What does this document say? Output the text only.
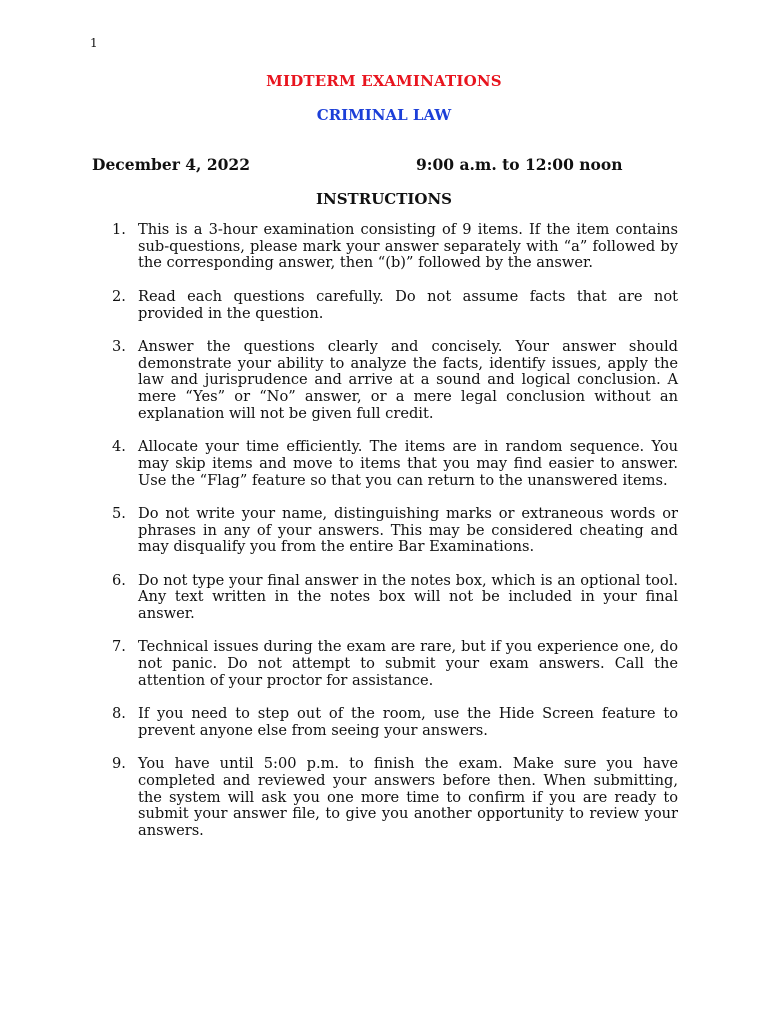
1
MIDTERM EXAMINATIONS
CRIMINAL LAW
December 4, 2022	9:00 a.m. to 12:00 noon
INSTRUCTIONS
1. This is a 3-hour examination consisting of 9 items. If the item contains sub-questions, please mark your answer separately with “a” followed by the corresponding answer, then “(b)” followed by the answer.
2. Read each questions carefully. Do not assume facts that are not provided in the question.
3. Answer the questions clearly and concisely. Your answer should demonstrate your ability to analyze the facts, identify issues, apply the law and jurisprudence and arrive at a sound and logical conclusion. A mere “Yes” or “No” answer, or a mere legal conclusion without an explanation will not be given full credit.
4. Allocate your time efficiently. The items are in random sequence. You may skip items and move to items that you may find easier to answer. Use the “Flag” feature so that you can return to the unanswered items.
5. Do not write your name, distinguishing marks or extraneous words or phrases in any of your answers. This may be considered cheating and may disqualify you from the entire Bar Examinations.
6. Do not type your final answer in the notes box, which is an optional tool. Any text written in the notes box will not be included in your final answer.
7. Technical issues during the exam are rare, but if you experience one, do not panic. Do not attempt to submit your exam answers. Call the attention of your proctor for assistance.
8. If you need to step out of the room, use the Hide Screen feature to prevent anyone else from seeing your answers.
9. You have until 5:00 p.m. to finish the exam. Make sure you have completed and reviewed your answers before then. When submitting, the system will ask you one more time to confirm if you are ready to submit your answer file, to give you another opportunity to review your answers.
